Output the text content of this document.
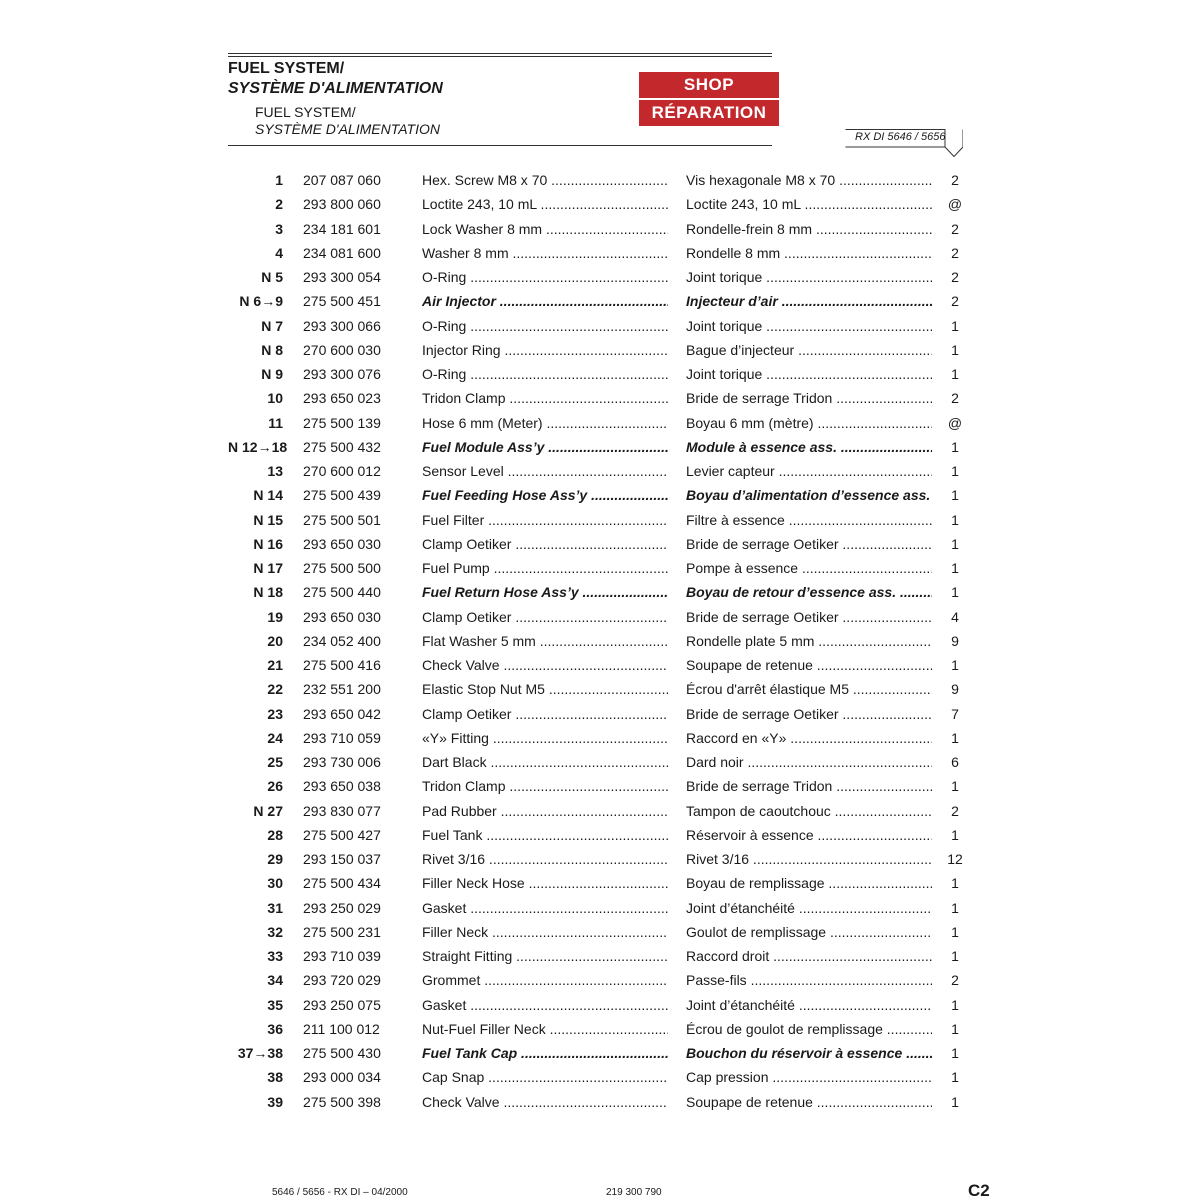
FUEL SYSTEM/
SYSTÈME D'ALIMENTATION
FUEL SYSTEM/
SYSTÈME D'ALIMENTATION
SHOP
RÉPARATION
RX DI 5646 / 5656
1 207 087 060	Hex. Screw M8 x 70 .....	Vis hexagonale M8 x 70 .....	2
2 293 800 060	Loctite 243, 10 mL .....	Loctite 243, 10 mL .....	@
3 234 181 601	Lock Washer 8 mm .....	Rondelle-frein 8 mm .....	2
4 234 081 600	Washer 8 mm .....	Rondelle 8 mm .....	2
N 5 293 300 054	O-Ring .....	Joint torique .....	2
N 6→9 275 500 451	Air Injector .....	Injecteur d’air .....	2
N 7 293 300 066	O-Ring .....	Joint torique .....	1
N 8 270 600 030	Injector Ring .....	Bague d’injecteur .....	1
N 9 293 300 076	O-Ring .....	Joint torique .....	1
10 293 650 023	Tridon Clamp .....	Bride de serrage Tridon .....	2
11 275 500 139	Hose 6 mm (Meter) .....	Boyau 6 mm (mètre) .....	@
N 12→18 275 500 432	Fuel Module Ass’y .....	Module à essence ass. .....	1
13 270 600 012	Sensor Level .....	Levier capteur .....	1
N 14 275 500 439	Fuel Feeding Hose Ass’y .....	Boyau d’alimentation d’essence ass. .....	1
N 15 275 500 501	Fuel Filter .....	Filtre à essence .....	1
N 16 293 650 030	Clamp Oetiker .....	Bride de serrage Oetiker .....	1
N 17 275 500 500	Fuel Pump .....	Pompe à essence .....	1
N 18 275 500 440	Fuel Return Hose Ass’y .....	Boyau de retour d’essence ass. .....	1
19 293 650 030	Clamp Oetiker .....	Bride de serrage Oetiker .....	4
20 234 052 400	Flat Washer 5 mm .....	Rondelle plate 5 mm .....	9
21 275 500 416	Check Valve .....	Soupape de retenue .....	1
22 232 551 200	Elastic Stop Nut M5 .....	Écrou d'arrêt élastique M5 .....	9
23 293 650 042	Clamp Oetiker .....	Bride de serrage Oetiker .....	7
24 293 710 059	«Y» Fitting .....	Raccord en «Y» .....	1
25 293 730 006	Dart Black .....	Dard noir .....	6
26 293 650 038	Tridon Clamp .....	Bride de serrage Tridon .....	1
N 27 293 830 077	Pad Rubber .....	Tampon de caoutchouc .....	2
28 275 500 427	Fuel Tank .....	Réservoir à essence .....	1
29 293 150 037	Rivet 3/16 .....	Rivet 3/16 .....	12
30 275 500 434	Filler Neck Hose .....	Boyau de remplissage .....	1
31 293 250 029	Gasket .....	Joint d’étanchéité .....	1
32 275 500 231	Filler Neck .....	Goulot de remplissage .....	1
33 293 710 039	Straight Fitting .....	Raccord droit .....	1
34 293 720 029	Grommet .....	Passe-fils .....	2
35 293 250 075	Gasket .....	Joint d’étanchéité .....	1
36 211 100 012	Nut-Fuel Filler Neck .....	Écrou de goulot de remplissage .....	1
37→38 275 500 430	Fuel Tank Cap .....	Bouchon du réservoir à essence .....	1
38 293 000 034	Cap Snap .....	Cap pression .....	1
39 275 500 398	Check Valve .....	Soupape de retenue .....	1
5646 / 5656 - RX DI – 04/2000	219 300 790	C2
